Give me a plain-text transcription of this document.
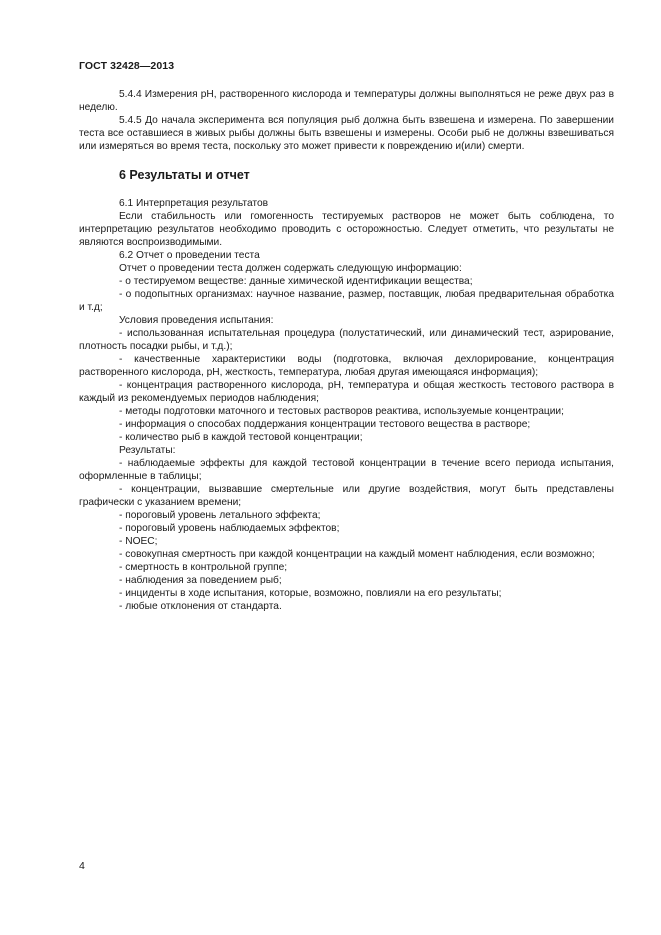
ГОСТ 32428—2013

5.4.4 Измерения pH, растворенного кислорода и температуры должны выполняться не реже двух раз в неделю.

5.4.5 До начала эксперимента вся популяция рыб должна быть взвешена и измерена. По завершении теста все оставшиеся в живых рыбы должны быть взвешены и измерены. Особи рыб не должны взвешиваться или измеряться во время теста, поскольку это может привести к повреждению и(или) смерти.

6 Результаты и отчет

6.1 Интерпретация результатов

Если стабильность или гомогенность тестируемых растворов не может быть соблюдена, то интерпретацию результатов необходимо проводить с осторожностью. Следует отметить, что результаты не являются воспроизводимыми.

6.2 Отчет о проведении теста

Отчет о проведении теста должен содержать следующую информацию:

- о тестируемом веществе: данные химической идентификации вещества;

- о подопытных организмах: научное название, размер, поставщик, любая предварительная обработка и т.д;

Условия проведения испытания:

- использованная испытательная процедура (полустатический, или динамический тест, аэрирование, плотность посадки рыбы, и т.д.);

- качественные характеристики воды (подготовка, включая дехлорирование, концентрация растворенного кислорода, pH, жесткость, температура, любая другая имеющаяся информация);

- концентрация растворенного кислорода, pH, температура и общая жесткость тестового раствора в каждый из рекомендуемых периодов наблюдения;

- методы подготовки маточного и тестовых растворов реактива, используемые концентрации;

- информация о способах поддержания концентрации тестового вещества в растворе;

- количество рыб в каждой тестовой концентрации;

Результаты:

- наблюдаемые эффекты для каждой тестовой концентрации в течение всего периода испытания, оформленные в таблицы;

- концентрации, вызвавшие смертельные или другие воздействия, могут быть представлены графически с указанием времени;

- пороговый уровень летального эффекта;

- пороговый уровень наблюдаемых эффектов;

- NOEC;

- совокупная смертность при каждой концентрации на каждый момент наблюдения, если возможно;

- смертность в контрольной группе;

- наблюдения за поведением рыб;

- инциденты в ходе испытания, которые, возможно, повлияли на его результаты;

- любые отклонения от стандарта.

4
